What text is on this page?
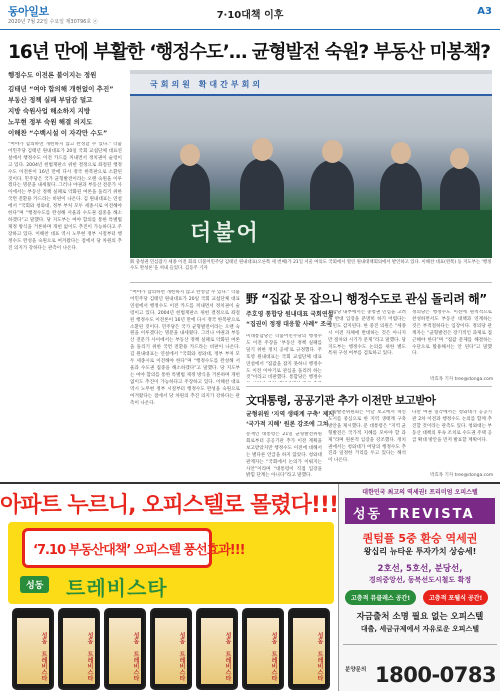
동아일보
2020년 7월 22일 수요일 제30796호 ⓐ
7·10대책 이후	A3
16년 만에 부활한 ‘행정수도’… 균형발전 숙원? 부동산 미봉책?
행정수도 이전론 불이지는 정원
김태년 “여야 합의해 개헌없이 추진”
부동산 정책 실패 부담감 덜고
지방 숙원사업 해소하지 지방
노무현 정부 숙원 해결 의지도
이해찬 “수백시설 이 자각만 수도”
“여야가 합의하면 개헌하지 않고 완성할 수 있다.” 더불어민주당 김태년 원내대표가 20일 국회 교섭단체 대표연설에서 행정수도 이전 카드를 꺼내면서 정치권이 술렁이고 있다. 2004년 헌법재판소 위헌 결정으로 좌절된 행정수도 이전론이 16년 만에 다시 정국 한복판으로 소환된 것이다. 민주당은 국가 균형발전이라는 오랜 숙원을 이루겠다는 명분을 내세웠다. 그러나 야권과 부동산 전문가 사이에서는 부동산 정책 실패로 악화된 여론을 돌리기 위한 국면 전환용 카드라는 비판이 나온다. 김 원내대표는 연설에서 “국회와 청와대, 정부 부처 모두 세종시로 이전해야 한다”며 “행정수도를 완성해 서울과 수도권 집중을 해소하겠다”고 말했다. 당 지도부는 여야 합의를 통한 특별법 제정 방식을 거론하며 개헌 없이도 추진이 가능하다고 주장하고 있다. 이해찬 대표 역시 노무현 정부 시절부터 행정수도 완성을 숙원으로 여겨왔다는 점에서 당 차원의 추진 의지가 강하다는 관측이 나온다.
국회의원 확대간부회의
더불어
與 충청권 민심잡기 세종 이전 회의 더불어민주당 김태년 원내대표(오른쪽 세 번째)가 21일 서울 여의도 국회에서 열린 원내대책회의에서 발언하고 있다. 이해찬 대표(왼쪽) 등 지도부는 ‘행정수도 완성론’을 꺼내 들었다. 김동주 기자
野 “집값 못 잡으니 행정수도로 관심 돌리려 해”
주호영 통합당 원내대표 국회연설
“집권이 정쟁 대응할 사례” 조국
미래통합당은 더불어민주당의 행정수도 이전 주장을 ‘부동산 정책 실패를 덮기 위한 정치 공세’로 규정했다. 주호영 원내대표는 국회 교섭단체 대표연설에서 “집값을 잡지 못하니 행정수도 이전 이야기로 관심을 돌리려 하는 것”이라고 비판했다. 통합당은 행정수
통합당 내부에서는 충청권 민심을 고려해 반대 입장을 분명히 하기 어렵다는 고민도 감지된다. 한 중진 의원은 “세종시 이전 자체에 반대하는 것은 아니지만 절차와 시기가 문제”라고 말했다. 당 지도부는 행정수도 논의를 위한 별도 특위 구성 여부를 검토하고 있다.
정의당은 행정수도 이전에 원칙적으로 찬성하면서도 부동산 대책과 연계하는 것은 부적절하다는 입장이다. 정의당 관계자는 “균형발전은 장기적인 과제로 접근해야 한다”며 “집값 문제를 해결하는 수단으로 활용해서는 안 된다”고 말했다.
박효목 기자 tree@donga.com
文대통령, 공공기관 추가 이전만 보고받아
균형위원 ‘지역 생태계 구축’ 제시
‘국가적 지혜’ 원론 강조에 그쳐
문재인 대통령은 21일 균형발전위원회로부터 공공기관 추가 이전 계획을 보고받았지만 행정수도 이전에 대해서는 별다른 언급을 하지 않았다. 청와대 관계자는 “국회에서 논의가 이뤄지는 사안”이라며 “대통령이 직접 입장을 밝힐 단계는 아니다”라고 말했다.
균형발전위원회는 이날 보고에서 혁신도시를 중심으로 한 지역 생태계 구축 방안을 제시했다. 문 대통령은 “지역 균형발전은 국가적 지혜를 모아야 할 과제”라며 원론적 입장을 강조했다. 정치권에서는 청와대가 여당의 행정수도 추진과 일정한 거리를 두고 있다는 해석이 나온다.
다만 여권 일각에서는 청와대가 공공기관 2차 이전과 행정수도 논의를 함께 추진할 것이라는 관측도 있다. 청와대는 부동산 대책의 후속 조치로 수도권 주택 공급 확대 방안을 먼저 발표할 계획이다.
박효목 기자 tree@donga.com
“여야가 합의하면 개헌하지 않고 완성할 수 있다.” 더불어민주당 김태년 원내대표가 20일 국회 교섭단체 대표연설에서 행정수도 이전 카드를 꺼내면서 정치권이 술렁이고 있다. 2004년 헌법재판소 위헌 결정으로 좌절된 행정수도 이전론이 16년 만에 다시 정국 한복판으로 소환된 것이다. 민주당은 국가 균형발전이라는 오랜 숙원을 이루겠다는 명분을 내세웠다. 그러나 야권과 부동산 전문가 사이에서는 부동산 정책 실패로 악화된 여론을 돌리기 위한 국면 전환용 카드라는 비판이 나온다. 김 원내대표는 연설에서 “국회와 청와대, 정부 부처 모두 세종시로 이전해야 한다”며 “행정수도를 완성해 서울과 수도권 집중을 해소하겠다”고 말했다. 당 지도부는 여야 합의를 통한 특별법 제정 방식을 거론하며 개헌 없이도 추진이 가능하다고 주장하고 있다. 이해찬 대표 역시 노무현 정부 시절부터 행정수도 완성을 숙원으로 여겨왔다는 점에서 당 차원의 추진 의지가 강하다는 관측이 나온다.
아파트 누르니, 오피스텔로 몰렸다!!!
‘7.10 부동산대책’ 오피스텔 풍선효과!!!
성동	트레비스타
성동 트레비스타	성동 트레비스타	성동 트레비스타	성동 트레비스타	성동 트레비스타	성동 트레비스타	성동 트레비스타
대한민국 최고의 역세권! 프리미엄 오피스텔
성동 TREVISTA
퀀텀플 5중 환승 역세권
왕십리 뉴타운 투자가치 상승세!
2호선, 5호선, 분당선,
경의중앙선, 동북선도시철도 확정
고층적 뮤클레스 공간!	고층적 포웰식 공간!
자금출처 소명 필요 없는 오피스텔
대출, 세금규제에서 자유로운 오피스텔
분양문의 1800-0783
